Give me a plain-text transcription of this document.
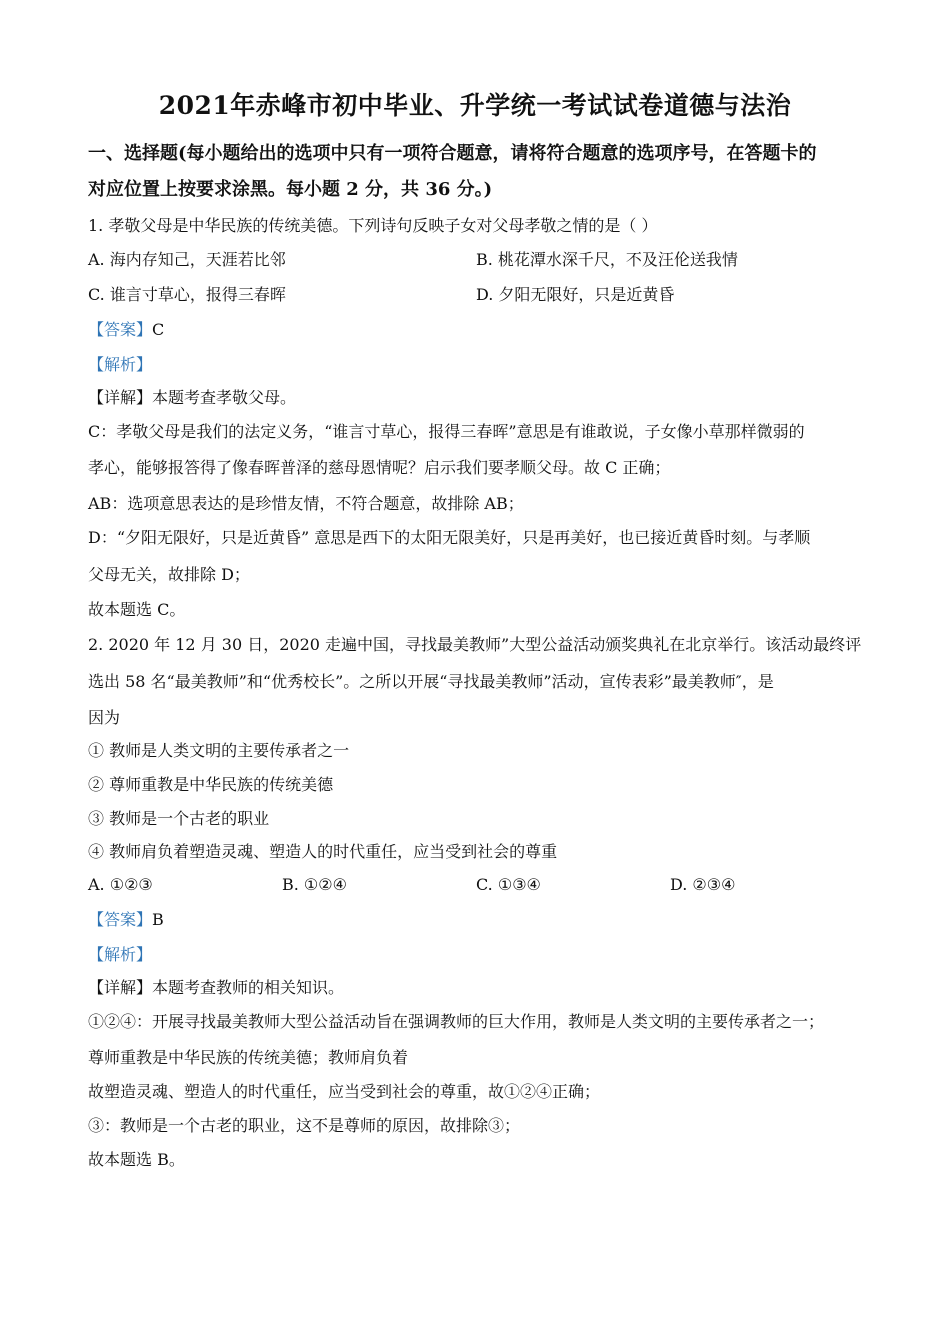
2021年赤峰市初中毕业、升学统一考试试卷道德与法治
一、选择题(每小题给出的选项中只有一项符合题意，请将符合题意的选项序号，在答题卡的
对应位置上按要求涂黑。每小题 2 分，共 36 分。)
1. 孝敬父母是中华民族的传统美德。下列诗句反映子女对父母孝敬之情的是（ ）
A. 海内存知己，天涯若比邻	B. 桃花潭水深千尺，不及汪伦送我情
C. 谁言寸草心，报得三春晖	D. 夕阳无限好，只是近黄昏
【答案】C
【解析】
【详解】本题考查孝敬父母。
C：孝敬父母是我们的法定义务，“谁言寸草心，报得三春晖”意思是有谁敢说，子女像小草那样微弱的
孝心，能够报答得了像春晖普泽的慈母恩情呢？启示我们要孝顺父母。故 C 正确；
AB：选项意思表达的是珍惜友情，不符合题意，故排除 AB；
D：“夕阳无限好，只是近黄昏” 意思是西下的太阳无限美好，只是再美好，也已接近黄昏时刻。与孝顺
父母无关，故排除 D；
故本题选 C。
2. 2020 年 12 月 30 日，2020 走遍中国，寻找最美教师”大型公益活动颁奖典礼在北京举行。该活动最终评
选出 58 名“最美教师”和“优秀校长”。之所以开展“寻找最美教师”活动，宣传表彩”最美教师″，是
因为
① 教师是人类文明的主要传承者之一
② 尊师重教是中华民族的传统美德
③ 教师是一个古老的职业
④ 教师肩负着塑造灵魂、塑造人的时代重任，应当受到社会的尊重
A. ①②③	B. ①②④	C. ①③④	D. ②③④
【答案】B
【解析】
【详解】本题考查教师的相关知识。
①②④：开展寻找最美教师大型公益活动旨在强调教师的巨大作用，教师是人类文明的主要传承者之一；
尊师重教是中华民族的传统美德；教师肩负着
故塑造灵魂、塑造人的时代重任，应当受到社会的尊重，故①②④正确；
③：教师是一个古老的职业，这不是尊师的原因，故排除③；
故本题选 B。
